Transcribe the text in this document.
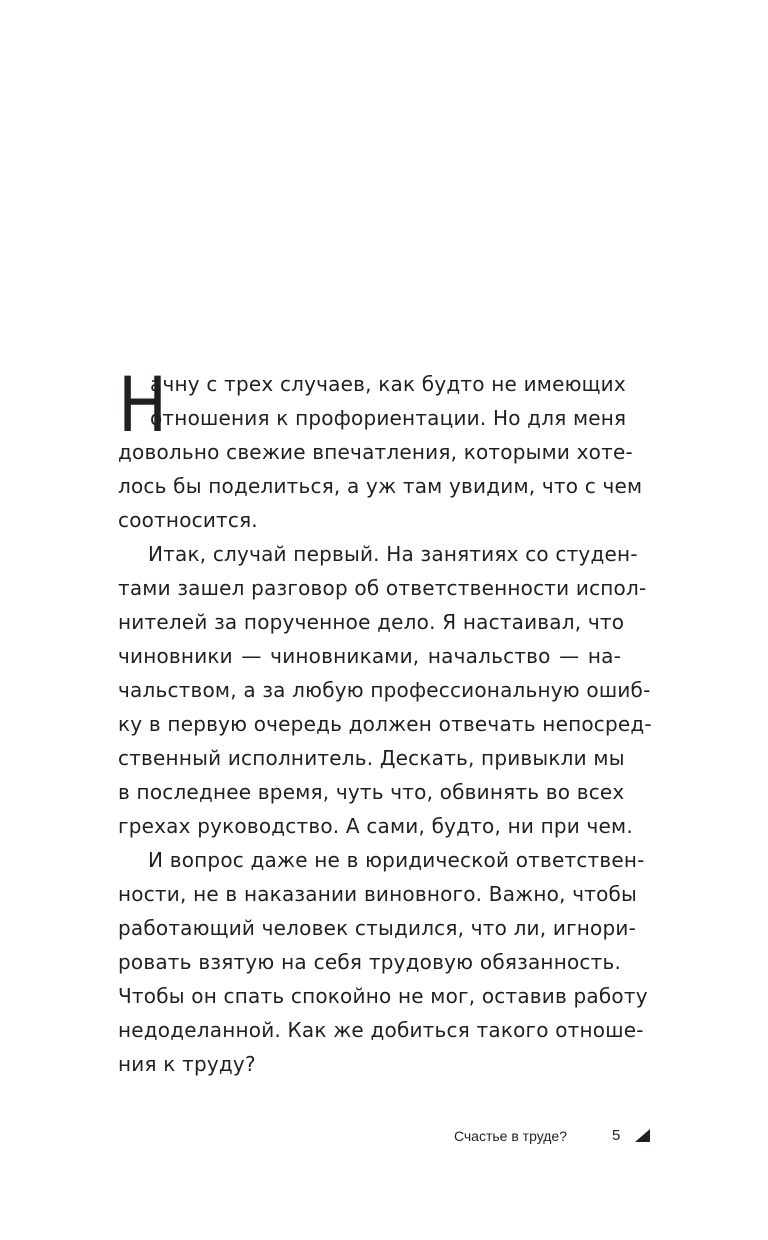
Н
ачну с трех случаев, как будто не имеющих
отношения к профориентации. Но для меня
довольно свежие впечатления, которыми хоте-
лось бы поделиться, а уж там увидим, что с чем
соотносится.
Итак, случай первый. На занятиях со студен-
тами зашел разговор об ответственности испол-
нителей за порученное дело. Я настаивал, что
чиновники — чиновниками, начальство — на-
чальством, а за любую профессиональную ошиб-
ку в первую очередь должен отвечать непосред-
ственный исполнитель. Дескать, привыкли мы
в последнее время, чуть что, обвинять во всех
грехах руководство. А сами, будто, ни при чем.
И вопрос даже не в юридической ответствен-
ности, не в наказании виновного. Важно, чтобы
работающий человек стыдился, что ли, игнори-
ровать взятую на себя трудовую обязанность.
Чтобы он спать спокойно не мог, оставив работу
недоделанной. Как же добиться такого отноше-
ния к труду?
Счастье в труде?	5
